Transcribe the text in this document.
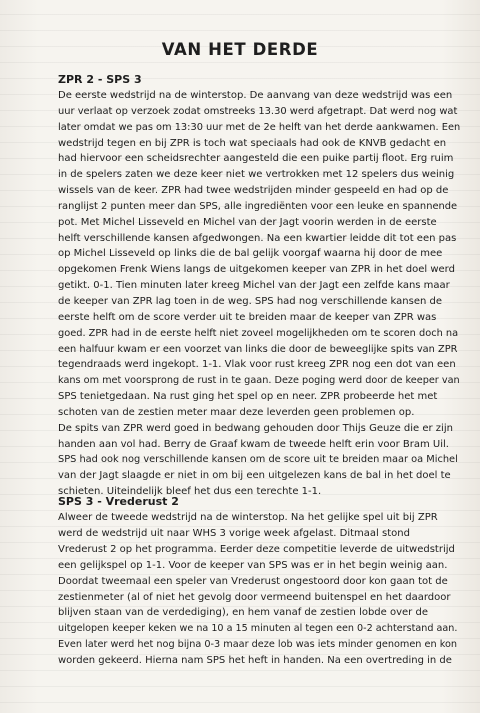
VAN HET DERDE
ZPR 2 - SPS 3
De eerste wedstrijd na de winterstop. De aanvang van deze wedstrijd was een
uur verlaat op verzoek zodat omstreeks 13.30 werd afgetrapt. Dat werd nog wat
later omdat we pas om 13:30 uur met de 2e helft van het derde aankwamen. Een
wedstrijd tegen en bij ZPR is toch wat speciaals had ook de KNVB gedacht en
had hiervoor een scheidsrechter aangesteld die een puike partij floot. Erg ruim
in de spelers zaten we deze keer niet we vertrokken met 12 spelers dus weinig
wissels van de keer. ZPR had twee wedstrijden minder gespeeld en had op de
ranglijst 2 punten meer dan SPS, alle ingrediënten voor een leuke en spannende
pot. Met Michel Lisseveld en Michel van der Jagt voorin werden in de eerste
helft verschillende kansen afgedwongen. Na een kwartier leidde dit tot een pas
op Michel Lisseveld op links die de bal gelijk voorgaf waarna hij door de mee
opgekomen Frenk Wiens langs de uitgekomen keeper van ZPR in het doel werd
getikt. 0-1. Tien minuten later kreeg Michel van der Jagt een zelfde kans maar
de keeper van ZPR lag toen in de weg. SPS had nog verschillende kansen de
eerste helft om de score verder uit te breiden maar de keeper van ZPR was
goed. ZPR had in de eerste helft niet zoveel mogelijkheden om te scoren doch na
een halfuur kwam er een voorzet van links die door de beweeglijke spits van ZPR
tegendraads werd ingekopt. 1-1. Vlak voor rust kreeg ZPR nog een dot van een
kans om met voorsprong de rust in te gaan. Deze poging werd door de keeper van
SPS tenietgedaan. Na rust ging het spel op en neer. ZPR probeerde het met
schoten van de zestien meter maar deze leverden geen problemen op.
De spits van ZPR werd goed in bedwang gehouden door Thijs Geuze die er zijn
handen aan vol had. Berry de Graaf kwam de tweede helft erin voor Bram Uil.
SPS had ook nog verschillende kansen om de score uit te breiden maar oa Michel
van der Jagt slaagde er niet in om bij een uitgelezen kans de bal in het doel te
schieten. Uiteindelijk bleef het dus een terechte 1-1.
SPS 3 - Vrederust 2
Alweer de tweede wedstrijd na de winterstop. Na het gelijke spel uit bij ZPR
werd de wedstrijd uit naar WHS 3 vorige week afgelast. Ditmaal stond
Vrederust 2 op het programma. Eerder deze competitie leverde de uitwedstrijd
een gelijkspel op 1-1. Voor de keeper van SPS was er in het begin weinig aan.
Doordat tweemaal een speler van Vrederust ongestoord door kon gaan tot de
zestienmeter (al of niet het gevolg door vermeend buitenspel en het daardoor
blijven staan van de verdediging), en hem vanaf de zestien lobde over de
uitgelopen keeper keken we na 10 a 15 minuten al tegen een 0-2 achterstand aan.
Even later werd het nog bijna 0-3 maar deze lob was iets minder genomen en kon
worden gekeerd. Hierna nam SPS het heft in handen. Na een overtreding in de
